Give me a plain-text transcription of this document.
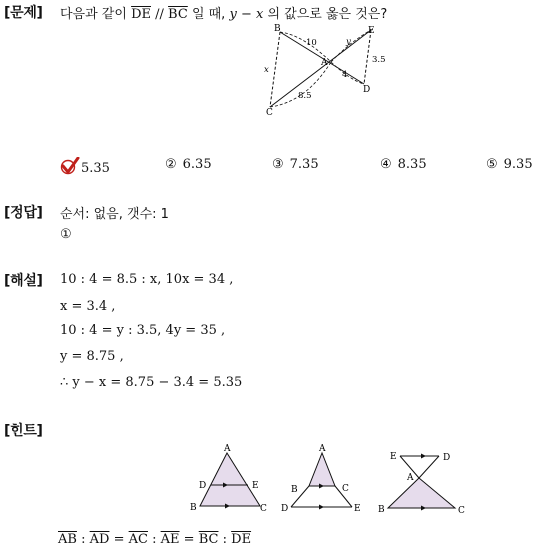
[문제] 다음과 같이 $\overline{DE} // \overline{BC}$ 일 때, y − x 의 값으로 옳은 것은?
B	E
A
C
D
10
4
3.5
8.5
x
y
5.35	② 6.35	③ 7.35	④ 8.35	⑤ 9.35
[정답] 순서: 없음, 갯수: 1
①
[해설] 10 : 4 = 8.5 : x, 10x = 34 ,
x = 3.4 ,
10 : 4 = y : 3.5, 4y = 35 ,
y = 8.75 ,
∴ y − x = 8.75 − 3.4 = 5.35
[힌트]
A
D	E
B	C
A
B	C
D	E
E	D
A
B	C
$\overline{AB}$ : $\overline{AD} = \overline{AC}$ : $\overline{AE} = \overline{BC}$ : $\overline{DE}$
